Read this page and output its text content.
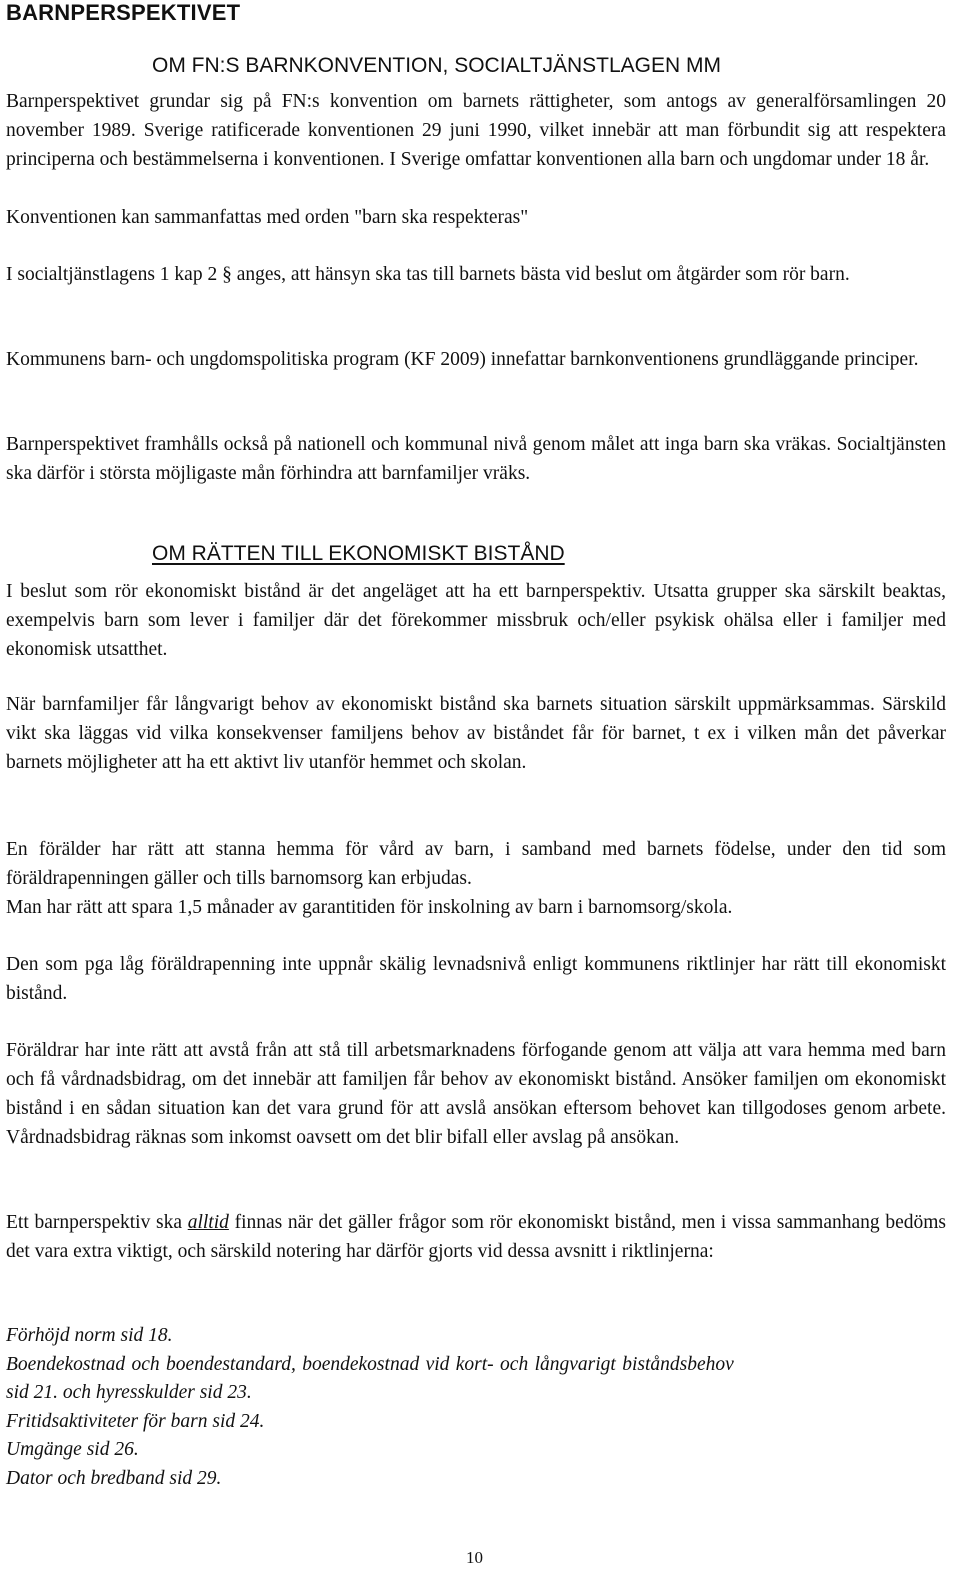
BARNPERSPEKTIVET
OM FN:S BARNKONVENTION, SOCIALTJÄNSTLAGEN MM

Barnperspektivet grundar sig på FN:s konvention om barnets rättigheter, som antogs av generalförsamlingen 20 november 1989. Sverige ratificerade konventionen 29 juni 1990, vilket innebär att man förbundit sig att respektera principerna och bestämmelserna i konventionen. I Sverige omfattar konventionen alla barn och ungdomar under 18 år.

Konventionen kan sammanfattas med orden "barn ska respekteras"

I socialtjänstlagens 1 kap 2 § anges, att hänsyn ska tas till barnets bästa vid beslut om åtgärder som rör barn.

Kommunens barn- och ungdomspolitiska program (KF 2009) innefattar barnkonventionens grundläggande principer.

Barnperspektivet framhålls också på nationell och kommunal nivå genom målet att inga barn ska vräkas. Socialtjänsten ska därför i största möjligaste mån förhindra att barnfamiljer vräks.

OM RÄTTEN TILL EKONOMISKT BISTÅND

I beslut som rör ekonomiskt bistånd är det angeläget att ha ett barnperspektiv. Utsatta grupper ska särskilt beaktas, exempelvis barn som lever i familjer där det förekommer missbruk och/eller psykisk ohälsa eller i familjer med ekonomisk utsatthet.

När barnfamiljer får långvarigt behov av ekonomiskt bistånd ska barnets situation särskilt uppmärksammas. Särskild vikt ska läggas vid vilka konsekvenser familjens behov av biståndet får för barnet, t ex i vilken mån det påverkar barnets möjligheter att ha ett aktivt liv utanför hemmet och skolan.

En förälder har rätt att stanna hemma för vård av barn, i samband med barnets födelse, under den tid som föräldrapenningen gäller och tills barnomsorg kan erbjudas.

Man har rätt att spara 1,5 månader av garantitiden för inskolning av barn i barnomsorg/skola.

Den som pga låg föräldrapenning inte uppnår skälig levnadsnivå enligt kommunens riktlinjer har rätt till ekonomiskt bistånd.

Föräldrar har inte rätt att avstå från att stå till arbetsmarknadens förfogande genom att välja att vara hemma med barn och få vårdnadsbidrag, om det innebär att familjen får behov av ekonomiskt bistånd. Ansöker familjen om ekonomiskt bistånd i en sådan situation kan det vara grund för att avslå ansökan eftersom behovet kan tillgodoses genom arbete. Vårdnadsbidrag räknas som inkomst oavsett om det blir bifall eller avslag på ansökan.

Ett barnperspektiv ska alltid finnas när det gäller frågor som rör ekonomiskt bistånd, men i vissa sammanhang bedöms det vara extra viktigt, och särskild notering har därför gjorts vid dessa avsnitt i riktlinjerna:

Förhöjd norm sid 18.
Boendekostnad och boendestandard, boendekostnad vid kort- och långvarigt biståndsbehov
sid 21. och hyresskulder sid 23.
Fritidsaktiviteter för barn sid 24.
Umgänge sid 26.
Dator och bredband sid 29.
10
